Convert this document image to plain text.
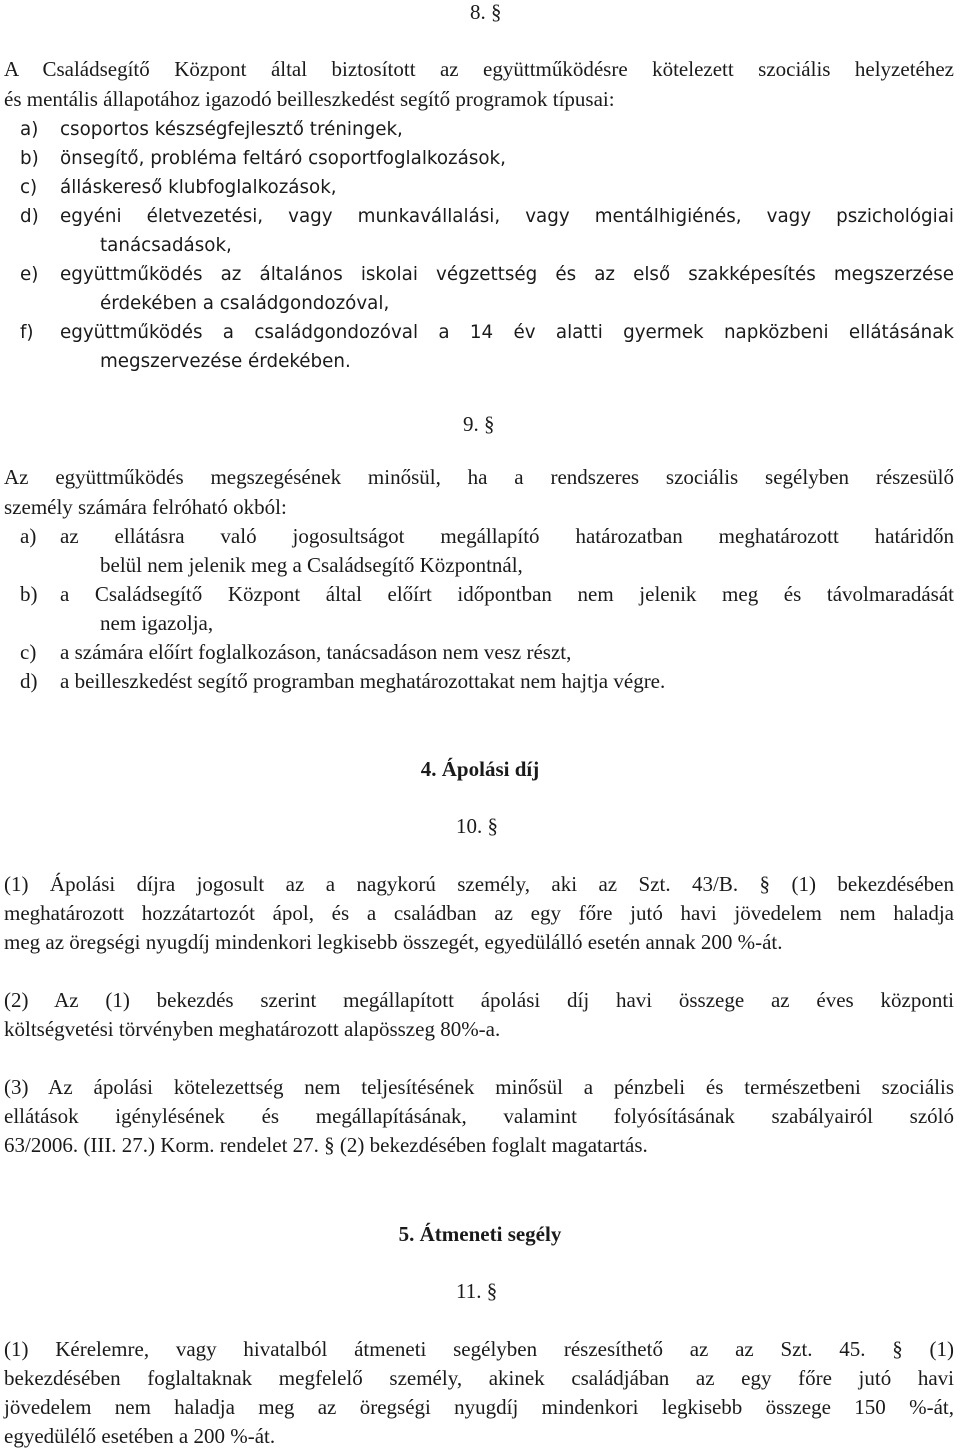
8. §
A Családsegítő Központ által biztosított az együttműködésre kötelezett szociális helyzetéhez
és mentális állapotához igazodó beilleszkedést segítő programok típusai:
a) csoportos készségfejlesztő tréningek,
b) önsegítő, probléma feltáró csoportfoglalkozások,
c) álláskereső klubfoglalkozások,
d) egyéni életvezetési, vagy munkavállalási, vagy mentálhigiénés, vagy pszichológiai
tanácsadások,
e) együttműködés az általános iskolai végzettség és az első szakképesítés megszerzése
érdekében a családgondozóval,
f) együttműködés a családgondozóval a 14 év alatti gyermek napközbeni ellátásának
megszervezése érdekében.
9. §
Az együttműködés megszegésének minősül, ha a rendszeres szociális segélyben részesülő
személy számára felróható okból:
a) az ellátásra való jogosultságot megállapító határozatban meghatározott határidőn
belül nem jelenik meg a Családsegítő Központnál,
b) a Családsegítő Központ által előírt időpontban nem jelenik meg és távolmaradását
nem igazolja,
c) a számára előírt foglalkozáson, tanácsadáson nem vesz részt,
d) a beilleszkedést segítő programban meghatározottakat nem hajtja végre.
4. Ápolási díj
10. §
(1) Ápolási díjra jogosult az a nagykorú személy, aki az Szt. 43/B. § (1) bekezdésében
meghatározott hozzátartozót ápol, és a családban az egy főre jutó havi jövedelem nem haladja
meg az öregségi nyugdíj mindenkori legkisebb összegét, egyedülálló esetén annak 200 %-át.
(2) Az (1) bekezdés szerint megállapított ápolási díj havi összege az éves központi
költségvetési törvényben meghatározott alapösszeg 80%-a.
(3) Az ápolási kötelezettség nem teljesítésének minősül a pénzbeli és természetbeni szociális
ellátások igénylésének és megállapításának, valamint folyósításának szabályairól szóló
63/2006. (III. 27.) Korm. rendelet 27. § (2) bekezdésében foglalt magatartás.
5. Átmeneti segély
11. §
(1) Kérelemre, vagy hivatalból átmeneti segélyben részesíthető az az Szt. 45. § (1)
bekezdésében foglaltaknak megfelelő személy, akinek családjában az egy főre jutó havi
jövedelem nem haladja meg az öregségi nyugdíj mindenkori legkisebb összege 150 %-át,
egyedülélő esetében a 200 %-át.
